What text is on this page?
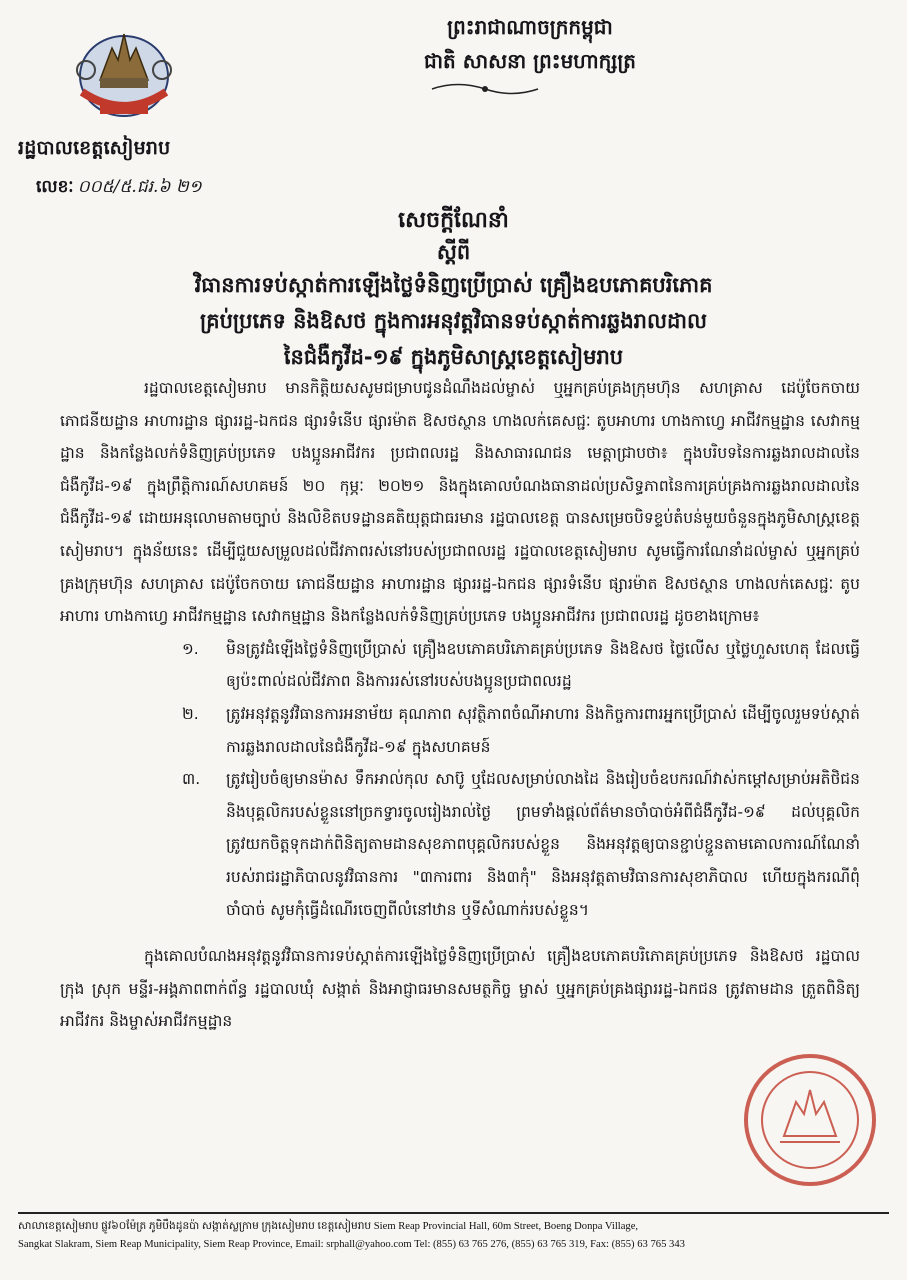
រដ្ឋបាលខេត្តសៀមរាប
លេខៈ ០០៥/៥.ជរ.៦ ២១
ព្រះរាជាណាចក្រកម្ពុជា
ជាតិ សាសនា ព្រះមហាក្សត្រ
សេចក្តីណែនាំ
ស្តីពី
វិធានការទប់ស្កាត់ការឡើងថ្លៃទំនិញប្រើប្រាស់ គ្រឿងឧបភោគបរិភោគ
គ្រប់ប្រភេទ និងឱសថ ក្នុងការអនុវត្តវិធានទប់ស្កាត់ការឆ្លងរាលដាល
នៃជំងឺកូវីដ-១៩ ក្នុងភូមិសាស្ត្រខេត្តសៀមរាប

រដ្ឋបាលខេត្តសៀមរាប មានកិត្តិយសសូមជម្រាបជូនដំណឹងដល់ម្ចាស់ ឬអ្នកគ្រប់គ្រងក្រុមហ៊ុន សហគ្រាស ដេប៉ូចែកចាយ ភោជនីយដ្ឋាន អាហារដ្ឋាន ផ្សាររដ្ឋ-ឯកជន ផ្សារទំនើប ផ្សារម៉ាត ឱសថស្ថាន ហាងលក់គេសជ្ជៈ តូបអាហារ ហាងកាហ្វេ អាជីវកម្មដ្ឋាន សេវាកម្មដ្ឋាន និងកន្លែងលក់ទំនិញគ្រប់ប្រភេទ បងប្អូនអាជីវករ ប្រជាពលរដ្ឋ និងសាធារណជន មេត្តាជ្រាបថា៖ ក្នុងបរិបទនៃការឆ្លងរាលដាលនៃជំងឺកូវីដ-១៩ ក្នុងព្រឹត្តិការណ៍សហគមន៍ ២០ កុម្ភៈ ២០២១ និងក្នុងគោលបំណងធានាដល់ប្រសិទ្ធភាពនៃការគ្រប់គ្រងការឆ្លងរាលដាលនៃជំងឺកូវីដ-១៩ ដោយអនុលោមតាមច្បាប់ និងលិខិតបទដ្ឋានគតិយុត្តជាធរមាន រដ្ឋបាលខេត្ត បានសម្រេចបិទខ្ទប់តំបន់មួយចំនួនក្នុងភូមិសាស្ត្រខេត្តសៀមរាប។ ក្នុងន័យនេះ ដើម្បីជួយសម្រួលដល់ជីវភាពរស់នៅរបស់ប្រជាពលរដ្ឋ រដ្ឋបាលខេត្តសៀមរាប សូមធ្វើការណែនាំដល់ម្ចាស់ ឬអ្នកគ្រប់គ្រងក្រុមហ៊ុន សហគ្រាស ដេប៉ូចែកចាយ ភោជនីយដ្ឋាន អាហារដ្ឋាន ផ្សាររដ្ឋ-ឯកជន ផ្សារទំនើប ផ្សារម៉ាត ឱសថស្ថាន ហាងលក់គេសជ្ជៈ តូបអាហារ ហាងកាហ្វេ អាជីវកម្មដ្ឋាន សេវាកម្មដ្ឋាន និងកន្លែងលក់ទំនិញគ្រប់ប្រភេទ បងប្អូនអាជីវករ ប្រជាពលរដ្ឋ ដូចខាងក្រោម៖

១.	មិនត្រូវដំឡើងថ្លៃទំនិញប្រើប្រាស់ គ្រឿងឧបភោគបរិភោគគ្រប់ប្រភេទ និងឱសថ ថ្លៃលើស ឬថ្លៃហួសហេតុ ដែលធ្វើឲ្យប៉ះពាល់ដល់ជីវភាព និងការរស់នៅរបស់បងប្អូនប្រជាពលរដ្ឋ
២.	ត្រូវអនុវត្តនូវវិធានការអនាម័យ គុណភាព សុវត្ថិភាពចំណីអាហារ និងកិច្ចការពារអ្នកប្រើប្រាស់ ដើម្បីចូលរួមទប់ស្កាត់ការឆ្លងរាលដាលនៃជំងឺកូវីដ-១៩ ក្នុងសហគមន៍
៣.	ត្រូវរៀបចំឲ្យមានម៉ាស ទឹកអាល់កុល សាប៊ូ ឬដែលសម្រាប់លាងដៃ និងរៀបចំឧបករណ៍វាស់កម្តៅសម្រាប់អតិថិជន និងបុគ្គលិករបស់ខ្លួននៅច្រកទ្វារចូលរៀងរាល់ថ្ងៃ ព្រមទាំងផ្តល់ព័ត៌មានចាំបាច់អំពីជំងឺកូវីដ-១៩ ដល់បុគ្គលិក ត្រូវយកចិត្តទុកដាក់ពិនិត្យតាមដានសុខភាពបុគ្គលិករបស់ខ្លួន និងអនុវត្តឲ្យបានខ្ជាប់ខ្ជួនតាមគោលការណ៍ណែនាំរបស់រាជរដ្ឋាភិបាលនូវវិធានការ "៣ការពារ និង៣កុំ" និងអនុវត្តតាមវិធានការសុខាភិបាល ហើយក្នុងករណីពុំចាំបាច់ សូមកុំធ្វើដំណើរចេញពីលំនៅឋាន ឬទីសំណាក់របស់ខ្លួន។

ក្នុងគោលបំណងអនុវត្តនូវវិធានការទប់ស្កាត់ការឡើងថ្លៃទំនិញប្រើប្រាស់ គ្រឿងឧបភោគបរិភោគគ្រប់ប្រភេទ និងឱសថ រដ្ឋបាលក្រុង ស្រុក មន្ទីរ-អង្គភាពពាក់ព័ន្ធ រដ្ឋបាលឃុំ សង្កាត់ និងអាជ្ញាធរមានសមត្ថកិច្ច ម្ចាស់ ឬអ្នកគ្រប់គ្រងផ្សាររដ្ឋ-ឯកជន ត្រូវតាមដាន ត្រួតពិនិត្យអាជីវករ និងម្ចាស់អាជីវកម្មដ្ឋាន

សាលាខេត្តសៀមរាប ផ្លូវ៦០ម៉ែត្រ ភូមិបឹងដូនប៉ា សង្កាត់ស្លក្រាម ក្រុងសៀមរាប ខេត្តសៀមរាប Siem Reap Provincial Hall, 60m Street, Boeng Donpa Village,
Sangkat Slakram, Siem Reap Municipality, Siem Reap Province, Email: srphall@yahoo.com Tel: (855) 63 765 276, (855) 63 765 319, Fax: (855) 63 765 343
